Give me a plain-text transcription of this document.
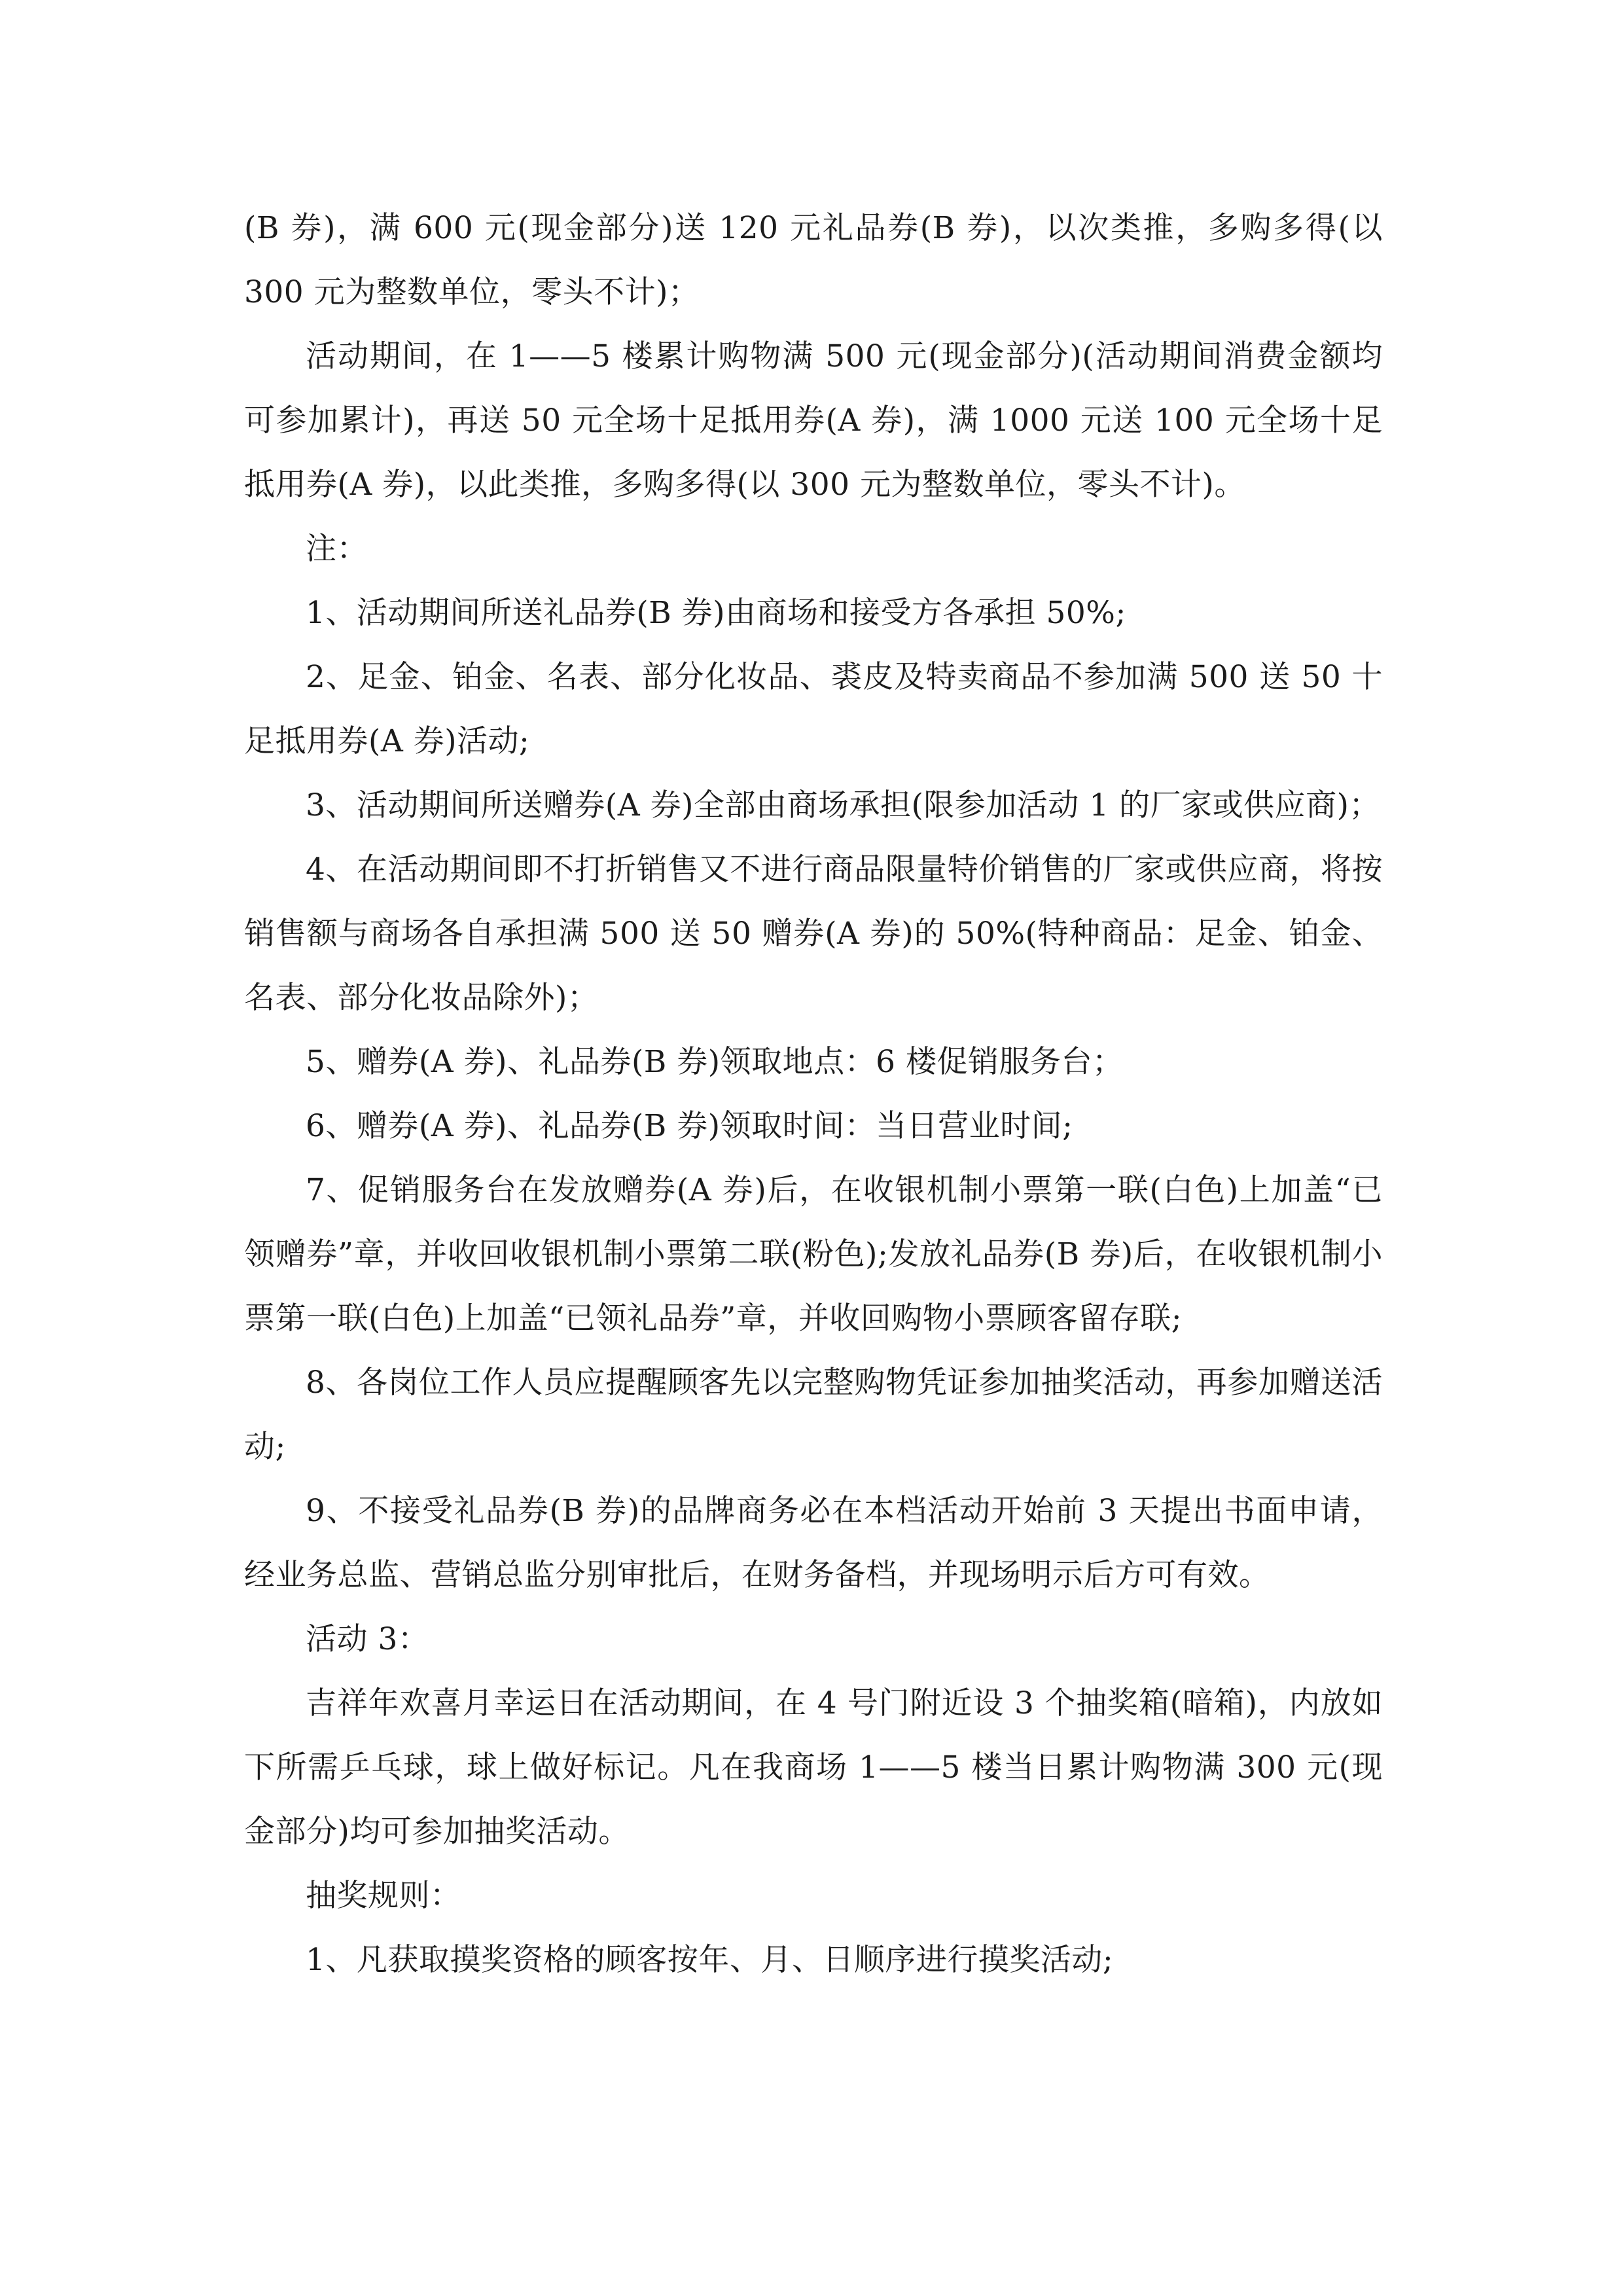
(B 券)，满 600 元(现金部分)送 120 元礼品券(B 券)，以次类推，多购多得(以 300 元为整数单位，零头不计)；

活动期间，在 1——5 楼累计购物满 500 元(现金部分)(活动期间消费金额均可参加累计)，再送 50 元全场十足抵用券(A 券)，满 1000 元送 100 元全场十足抵用券(A 券)，以此类推，多购多得(以 300 元为整数单位，零头不计)。

注：

1、活动期间所送礼品券(B 券)由商场和接受方各承担 50%;

2、足金、铂金、名表、部分化妆品、裘皮及特卖商品不参加满 500 送 50 十足抵用券(A 券)活动;

3、活动期间所送赠券(A 券)全部由商场承担(限参加活动 1 的厂家或供应商)；

4、在活动期间即不打折销售又不进行商品限量特价销售的厂家或供应商，将按销售额与商场各自承担满 500 送 50 赠券(A 券)的 50%(特种商品：足金、铂金、名表、部分化妆品除外)；

5、赠券(A 券)、礼品券(B 券)领取地点：6 楼促销服务台；

6、赠券(A 券)、礼品券(B 券)领取时间：当日营业时间;

7、促销服务台在发放赠券(A 券)后，在收银机制小票第一联(白色)上加盖“已领赠券”章，并收回收银机制小票第二联(粉色);发放礼品券(B 券)后，在收银机制小票第一联(白色)上加盖“已领礼品券”章，并收回购物小票顾客留存联;

8、各岗位工作人员应提醒顾客先以完整购物凭证参加抽奖活动，再参加赠送活动;

9、不接受礼品券(B 券)的品牌商务必在本档活动开始前 3 天提出书面申请，经业务总监、营销总监分别审批后，在财务备档，并现场明示后方可有效。

活动 3：

吉祥年欢喜月幸运日在活动期间，在 4 号门附近设 3 个抽奖箱(暗箱)，内放如下所需乒乓球，球上做好标记。凡在我商场 1——5 楼当日累计购物满 300 元(现金部分)均可参加抽奖活动。

抽奖规则：

1、凡获取摸奖资格的顾客按年、月、日顺序进行摸奖活动;
